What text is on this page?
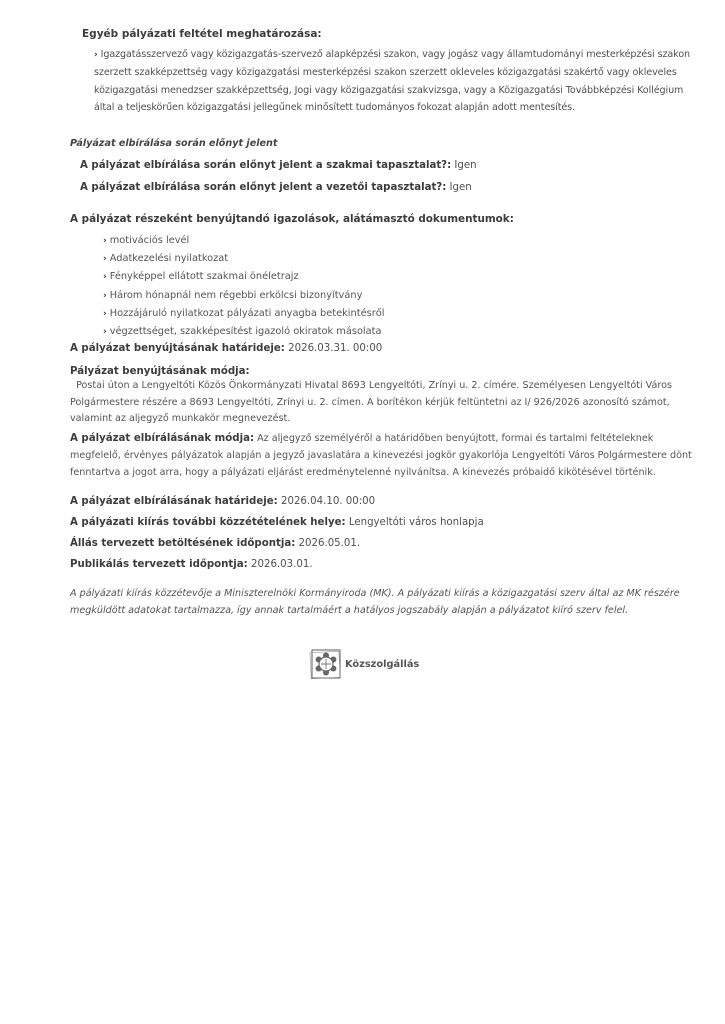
Egyéb pályázati feltétel meghatározása:
› Igazgatásszervező vagy közigazgatás-szervező alapképzési szakon, vagy jogász vagy államtudományi mesterképzési szakon szerzett szakképzettség vagy közigazgatási mesterképzési szakon szerzett okleveles közigazgatási szakértő vagy okleveles közigazgatási menedzser szakképzettség, Jogi vagy közigazgatási szakvizsga, vagy a Közigazgatási Továbbképzési Kollégium által a teljeskörűen közigazgatási jellegűnek minősített tudományos fokozat alapján adott mentesítés.
Pályázat elbírálása során előnyt jelent
A pályázat elbírálása során előnyt jelent a szakmai tapasztalat?: Igen
A pályázat elbírálása során előnyt jelent a vezetői tapasztalat?: Igen
A pályázat részeként benyújtandó igazolások, alátámasztó dokumentumok:
› motivációs levél
› Adatkezelési nyilatkozat
› Fényképpel ellátott szakmai önéletrajz
› Három hónapnál nem régebbi erkölcsi bizonyítvány
› Hozzájáruló nyilatkozat pályázati anyagba betekintésről
› végzettséget, szakképesítést igazoló okiratok másolata
A pályázat benyújtásának határideje: 2026.03.31. 00:00
Pályázat benyújtásának módja:
Postai úton a Lengyeltóti Közös Önkormányzati Hivatal 8693 Lengyeltóti, Zrínyi u. 2. címére. Személyesen Lengyeltóti Város Polgármestere részére a 8693 Lengyeltóti, Zrínyi u. 2. címen. A borítékon kérjük feltüntetni az I/ 926/2026 azonosító számot, valamint az aljegyző munkakör megnevezést.
A pályázat elbírálásának módja: Az aljegyző személyéről a határidőben benyújtott, formai és tartalmi feltételeknek megfelelő, érvényes pályázatok alapján a jegyző javaslatára a kinevezési jogkör gyakorlója Lengyeltóti Város Polgármestere dönt fenntartva a jogot arra, hogy a pályázati eljárást eredménytelenné nyilvánítsa. A kinevezés próbaidő kikötésével történik.
A pályázat elbírálásának határideje: 2026.04.10. 00:00
A pályázati kiírás további közzétételének helye: Lengyeltóti város honlapja
Állás tervezett betöltésének időpontja: 2026.05.01.
Publikálás tervezett időpontja: 2026.03.01.
A pályázati kiírás közzétevője a Miniszterelnöki Kormányiroda (MK). A pályázati kiírás a közigazgatási szerv által az MK részére megküldött adatokat tartalmazza, így annak tartalmáért a hatályos jogszabály alapján a pályázatot kiíró szerv felel.
Közszolgállás
